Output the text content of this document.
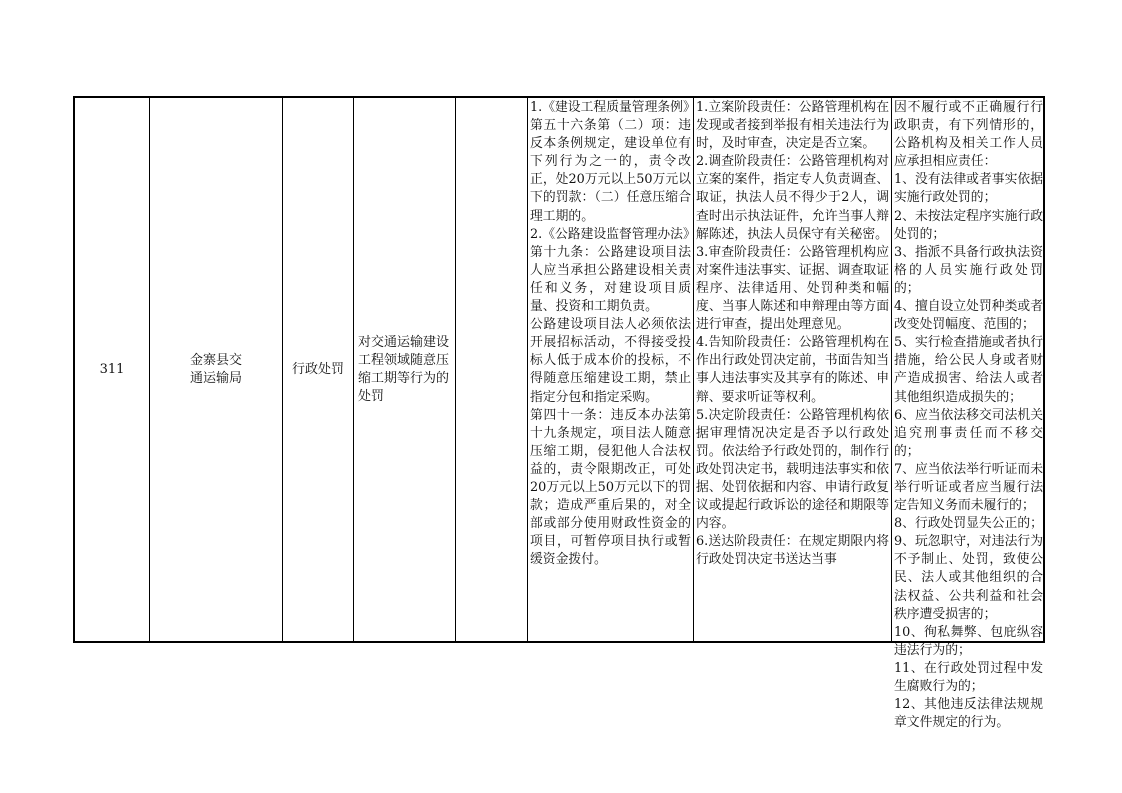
311
金寨县交通运输局
行政处罚
对交通运输建设工程领域随意压缩工期等行为的处罚
1.《建设工程质量管理条例》
第五十六条第（二）项：违反本条例规定，建设单位有下列行为之一的，责令改正，处20万元以上50万元以下的罚款：（二）任意压缩合理工期的。
2.《公路建设监督管理办法》
第十九条：公路建设项目法人应当承担公路建设相关责任和义务，对建设项目质量、投资和工期负责。
公路建设项目法人必须依法开展招标活动，不得接受投标人低于成本价的投标，不得随意压缩建设工期，禁止指定分包和指定采购。
第四十一条：违反本办法第十九条规定，项目法人随意压缩工期，侵犯他人合法权益的，责令限期改正，可处20万元以上50万元以下的罚款；造成严重后果的，对全部或部分使用财政性资金的项目，可暂停项目执行或暂缓资金拨付。
1.立案阶段责任：公路管理机构在发现或者接到举报有相关违法行为时，及时审查，决定是否立案。
2.调查阶段责任：公路管理机构对立案的案件，指定专人负责调查、取证，执法人员不得少于2人，调查时出示执法证件，允许当事人辩解陈述，执法人员保守有关秘密。
3.审查阶段责任：公路管理机构应对案件违法事实、证据、调查取证程序、法律适用、处罚种类和幅度、当事人陈述和申辩理由等方面进行审查，提出处理意见。
4.告知阶段责任：公路管理机构在作出行政处罚决定前，书面告知当事人违法事实及其享有的陈述、申辩、要求听证等权利。
5.决定阶段责任：公路管理机构依据审理情况决定是否予以行政处罚。依法给予行政处罚的，制作行政处罚决定书，载明违法事实和依据、处罚依据和内容、申请行政复议或提起行政诉讼的途径和期限等内容。
6.送达阶段责任：在规定期限内将行政处罚决定书送达当事
因不履行或不正确履行行政职责，有下列情形的，公路机构及相关工作人员应承担相应责任：
1、没有法律或者事实依据实施行政处罚的；
2、未按法定程序实施行政处罚的；
3、指派不具备行政执法资格的人员实施行政处罚的；
4、擅自设立处罚种类或者改变处罚幅度、范围的；
5、实行检查措施或者执行措施，给公民人身或者财产造成损害、给法人或者其他组织造成损失的；
6、应当依法移交司法机关追究刑事责任而不移交的；
7、应当依法举行听证而未举行听证或者应当履行法定告知义务而未履行的；
8、行政处罚显失公正的；
9、玩忽职守，对违法行为不予制止、处罚，致使公民、法人或其他组织的合法权益、公共利益和社会秩序遭受损害的；
10、徇私舞弊、包庇纵容违法行为的；
11、在行政处罚过程中发生腐败行为的；
12、其他违反法律法规规章文件规定的行为。
